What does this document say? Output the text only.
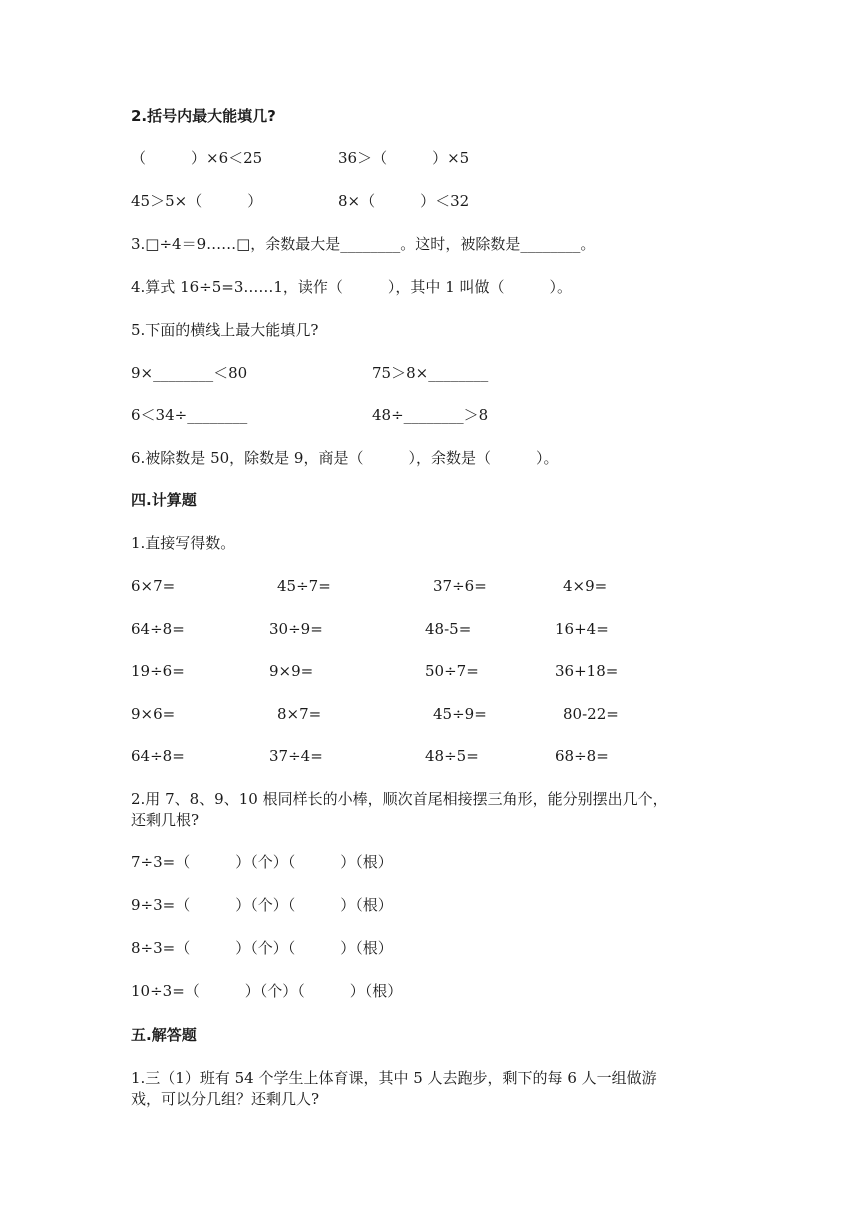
2.括号内最大能填几?
（　　　）×6＜25	36＞（　　　）×5
45＞5×（　　　）	8×（　　　）＜32
3.□÷4＝9……□，余数最大是________。这时，被除数是________。
4.算式 16÷5=3……1，读作（　　　），其中 1 叫做（　　　）。
5.下面的横线上最大能填几?
9×________＜80	75＞8×________
6＜34÷________	48÷________＞8
6.被除数是 50，除数是 9，商是（　　　），余数是（　　　）。
四.计算题
1.直接写得数。
6×7=	45÷7=	37÷6=	4×9=
64÷8=	30÷9=	48-5=	16+4=
19÷6=	9×9=	50÷7=	36+18=
9×6=	8×7=	45÷9=	80-22=
64÷8=	37÷4=	48÷5=	68÷8=
2.用 7、8、9、10 根同样长的小棒，顺次首尾相接摆三角形，能分别摆出几个，
还剩几根?
7÷3=（　　　）（个）（　　　）（根）
9÷3=（　　　）（个）（　　　）（根）
8÷3=（　　　）（个）（　　　）（根）
10÷3=（　　　）（个）（　　　）（根）
五.解答题
1.三（1）班有 54 个学生上体育课，其中 5 人去跑步，剩下的每 6 人一组做游
戏，可以分几组？还剩几人?
